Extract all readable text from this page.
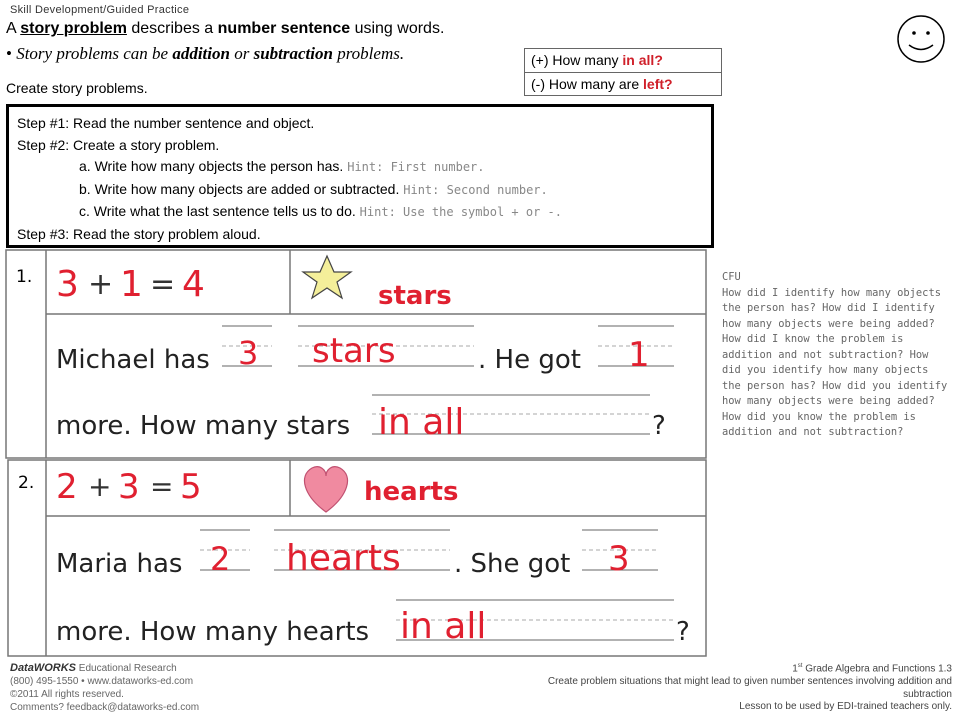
Skill Development/Guided Practice
A story problem describes a number sentence using words.
• Story problems can be addition or subtraction problems.
Create story problems.
(+) How many in all?
(-) How many are left?
Step #1: Read the number sentence and object.
Step #2: Create a story problem.
a. Write how many objects the person has. Hint: First number.
b. Write how many objects are added or subtracted. Hint: Second number.
c. Write what the last sentence tells us to do. Hint: Use the symbol + or -.
Step #3: Read the story problem aloud.
1. 3 + 1 = 4	stars
Michael has 3 stars	. He got 1
more. How many stars in all	?
2. 2 + 3 = 5	hearts
Maria has 2 hearts . She got 3
more. How many hearts in all	?
CFU
How did I identify how many objects the person has? How did I identify how many objects were being added? How did I know the problem is addition and not subtraction? How did you identify how many objects the person has? How did you identify how many objects were being added? How did you know the problem is addition and not subtraction?
DataWORKS Educational Research
(800) 495-1550 • www.dataworks-ed.com
©2011 All rights reserved.
Comments? feedback@dataworks-ed.com
1st Grade Algebra and Functions 1.3
Create problem situations that might lead to given number sentences involving addition and subtraction
Lesson to be used by EDI-trained teachers only.
